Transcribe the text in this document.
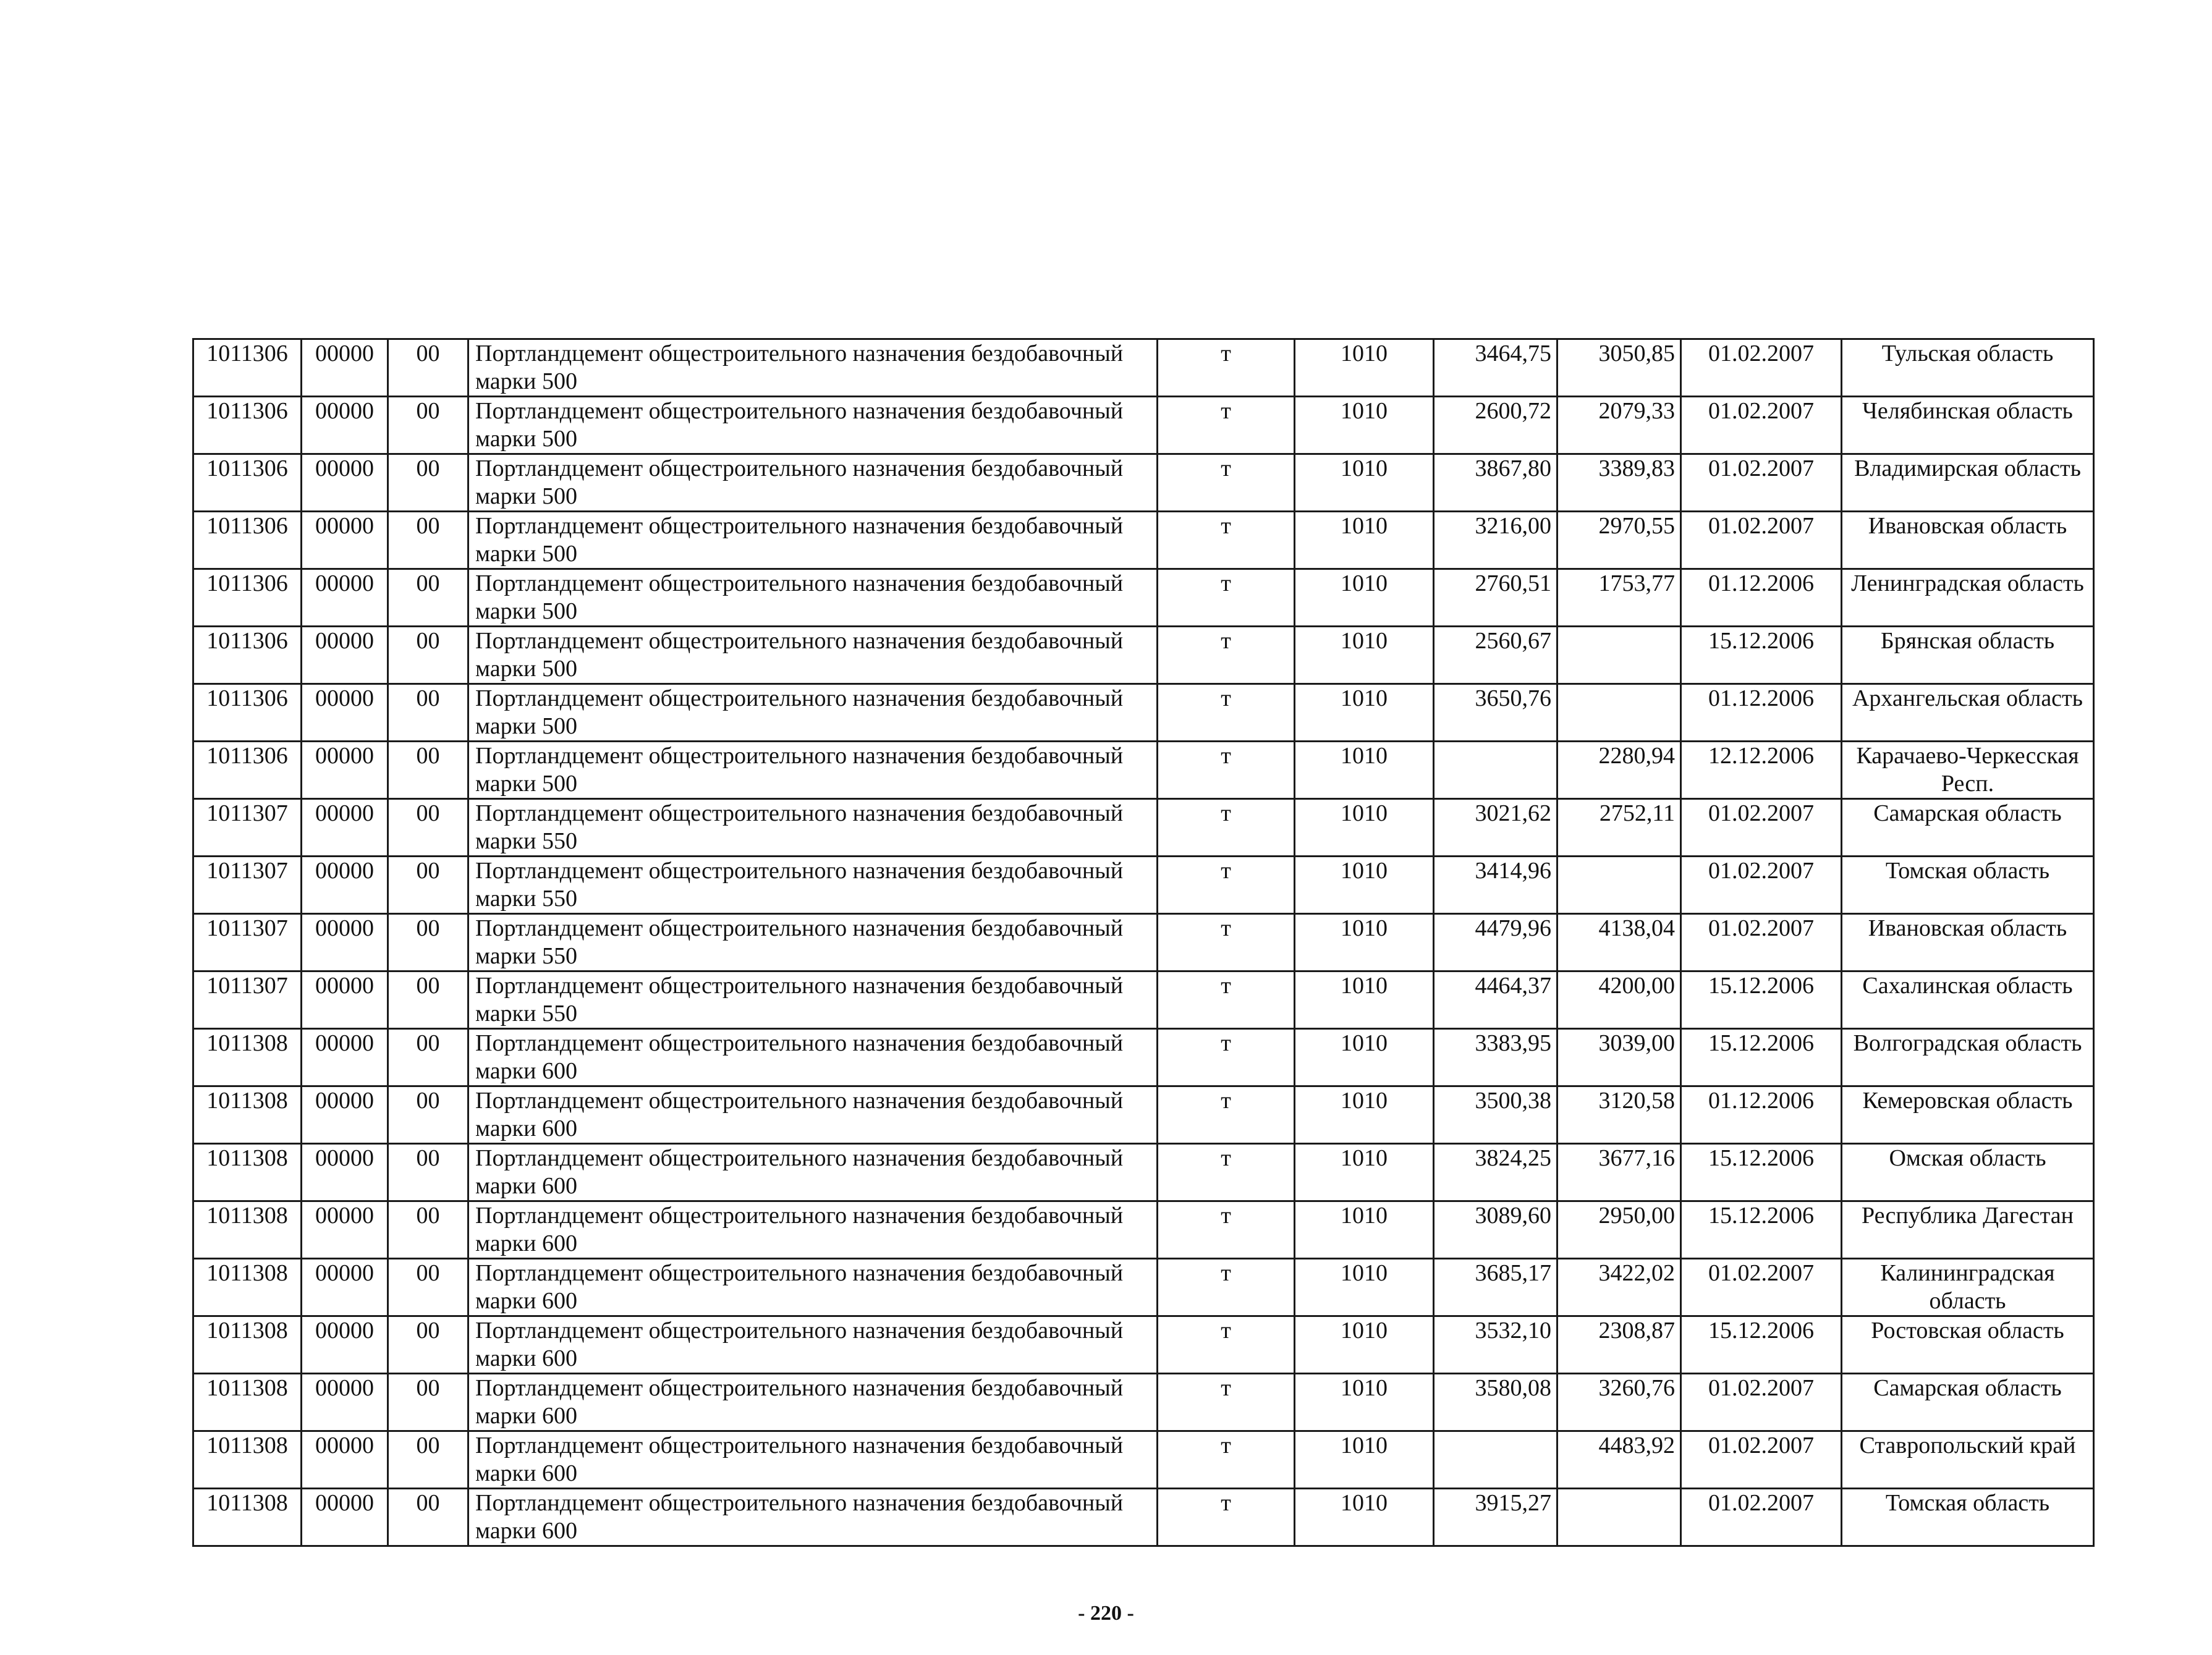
1011306	00000	00	Портландцемент общестроительного назначения бездобавочный марки 500	т	1010	3464,75	3050,85	01.02.2007	Тульская область
1011306	00000	00	Портландцемент общестроительного назначения бездобавочный марки 500	т	1010	2600,72	2079,33	01.02.2007	Челябинская область
1011306	00000	00	Портландцемент общестроительного назначения бездобавочный марки 500	т	1010	3867,80	3389,83	01.02.2007	Владимирская область
1011306	00000	00	Портландцемент общестроительного назначения бездобавочный марки 500	т	1010	3216,00	2970,55	01.02.2007	Ивановская область
1011306	00000	00	Портландцемент общестроительного назначения бездобавочный марки 500	т	1010	2760,51	1753,77	01.12.2006	Ленинградская область
1011306	00000	00	Портландцемент общестроительного назначения бездобавочный марки 500	т	1010	2560,67		15.12.2006	Брянская область
1011306	00000	00	Портландцемент общестроительного назначения бездобавочный марки 500	т	1010	3650,76		01.12.2006	Архангельская область
1011306	00000	00	Портландцемент общестроительного назначения бездобавочный марки 500	т	1010		2280,94	12.12.2006	Карачаево-Черкесская Респ.
1011307	00000	00	Портландцемент общестроительного назначения бездобавочный марки 550	т	1010	3021,62	2752,11	01.02.2007	Самарская область
1011307	00000	00	Портландцемент общестроительного назначения бездобавочный марки 550	т	1010	3414,96		01.02.2007	Томская область
1011307	00000	00	Портландцемент общестроительного назначения бездобавочный марки 550	т	1010	4479,96	4138,04	01.02.2007	Ивановская область
1011307	00000	00	Портландцемент общестроительного назначения бездобавочный марки 550	т	1010	4464,37	4200,00	15.12.2006	Сахалинская область
1011308	00000	00	Портландцемент общестроительного назначения бездобавочный марки 600	т	1010	3383,95	3039,00	15.12.2006	Волгоградская область
1011308	00000	00	Портландцемент общестроительного назначения бездобавочный марки 600	т	1010	3500,38	3120,58	01.12.2006	Кемеровская область
1011308	00000	00	Портландцемент общестроительного назначения бездобавочный марки 600	т	1010	3824,25	3677,16	15.12.2006	Омская область
1011308	00000	00	Портландцемент общестроительного назначения бездобавочный марки 600	т	1010	3089,60	2950,00	15.12.2006	Республика Дагестан
1011308	00000	00	Портландцемент общестроительного назначения бездобавочный марки 600	т	1010	3685,17	3422,02	01.02.2007	Калининградская область
1011308	00000	00	Портландцемент общестроительного назначения бездобавочный марки 600	т	1010	3532,10	2308,87	15.12.2006	Ростовская область
1011308	00000	00	Портландцемент общестроительного назначения бездобавочный марки 600	т	1010	3580,08	3260,76	01.02.2007	Самарская область
1011308	00000	00	Портландцемент общестроительного назначения бездобавочный марки 600	т	1010		4483,92	01.02.2007	Ставропольский край
1011308	00000	00	Портландцемент общестроительного назначения бездобавочный марки 600	т	1010	3915,27		01.02.2007	Томская область
- 220 -
